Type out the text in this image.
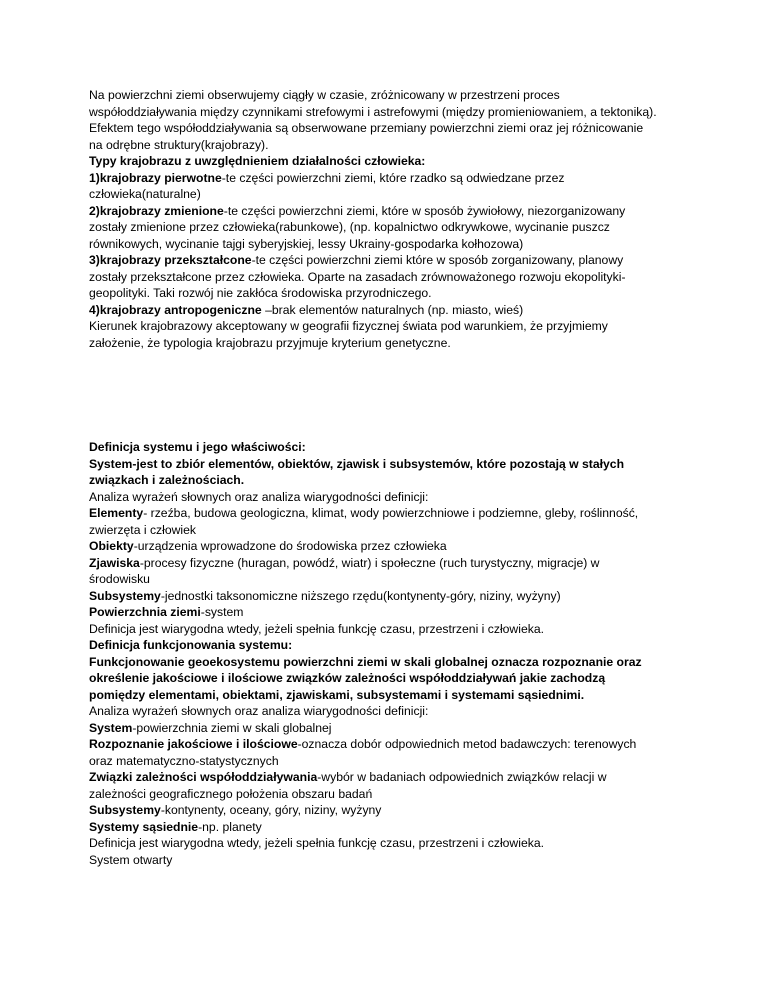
Na powierzchni ziemi obserwujemy ciągły w czasie, zróżnicowany w przestrzeni proces
współoddziaływania między czynnikami strefowymi i astrefowymi (między promieniowaniem, a tektoniką).
Efektem tego współoddziaływania są obserwowane przemiany powierzchni ziemi oraz jej różnicowanie
na odrębne struktury(krajobrazy).
Typy krajobrazu z uwzględnieniem działalności człowieka:
1)krajobrazy pierwotne-te części powierzchni ziemi, które rzadko są odwiedzane przez
człowieka(naturalne)
2)krajobrazy zmienione-te części powierzchni ziemi, które w sposób żywiołowy, niezorganizowany
zostały zmienione przez człowieka(rabunkowe), (np. kopalnictwo odkrywkowe, wycinanie puszcz
równikowych, wycinanie tajgi syberyjskiej, lessy Ukrainy-gospodarka kołhozowa)
3)krajobrazy przekształcone-te części powierzchni ziemi które w sposób zorganizowany, planowy
zostały przekształcone przez człowieka. Oparte na zasadach zrównoważonego rozwoju ekopolityki-
geopolityki. Taki rozwój nie zakłóca środowiska przyrodniczego.
4)krajobrazy antropogeniczne –brak elementów naturalnych (np. miasto, wieś)
Kierunek krajobrazowy akceptowany w geografii fizycznej świata pod warunkiem, że przyjmiemy
założenie, że typologia krajobrazu przyjmuje kryterium genetyczne.
Definicja systemu i jego właściwości:
System-jest to zbiór elementów, obiektów, zjawisk i subsystemów, które pozostają w stałych
związkach i zależnościach.
Analiza wyrażeń słownych oraz analiza wiarygodności definicji:
Elementy- rzeźba, budowa geologiczna, klimat, wody powierzchniowe i podziemne, gleby, roślinność,
zwierzęta i człowiek
Obiekty-urządzenia wprowadzone do środowiska przez człowieka
Zjawiska-procesy fizyczne (huragan, powódź, wiatr) i społeczne (ruch turystyczny, migracje) w
środowisku
Subsystemy-jednostki taksonomiczne niższego rzędu(kontynenty-góry, niziny, wyżyny)
Powierzchnia ziemi-system
Definicja jest wiarygodna wtedy, jeżeli spełnia funkcję czasu, przestrzeni i człowieka.
Definicja funkcjonowania systemu:
Funkcjonowanie geoekosystemu powierzchni ziemi w skali globalnej oznacza rozpoznanie oraz
określenie jakościowe i ilościowe związków zależności współoddziaływań jakie zachodzą
pomiędzy elementami, obiektami, zjawiskami, subsystemami i systemami sąsiednimi.
Analiza wyrażeń słownych oraz analiza wiarygodności definicji:
System-powierzchnia ziemi w skali globalnej
Rozpoznanie jakościowe i ilościowe-oznacza dobór odpowiednich metod badawczych: terenowych
oraz matematyczno-statystycznych
Związki zależności współoddziaływania-wybór w badaniach odpowiednich związków relacji w
zależności geograficznego położenia obszaru badań
Subsystemy-kontynenty, oceany, góry, niziny, wyżyny
Systemy sąsiednie-np. planety
Definicja jest wiarygodna wtedy, jeżeli spełnia funkcję czasu, przestrzeni i człowieka.
System otwarty
